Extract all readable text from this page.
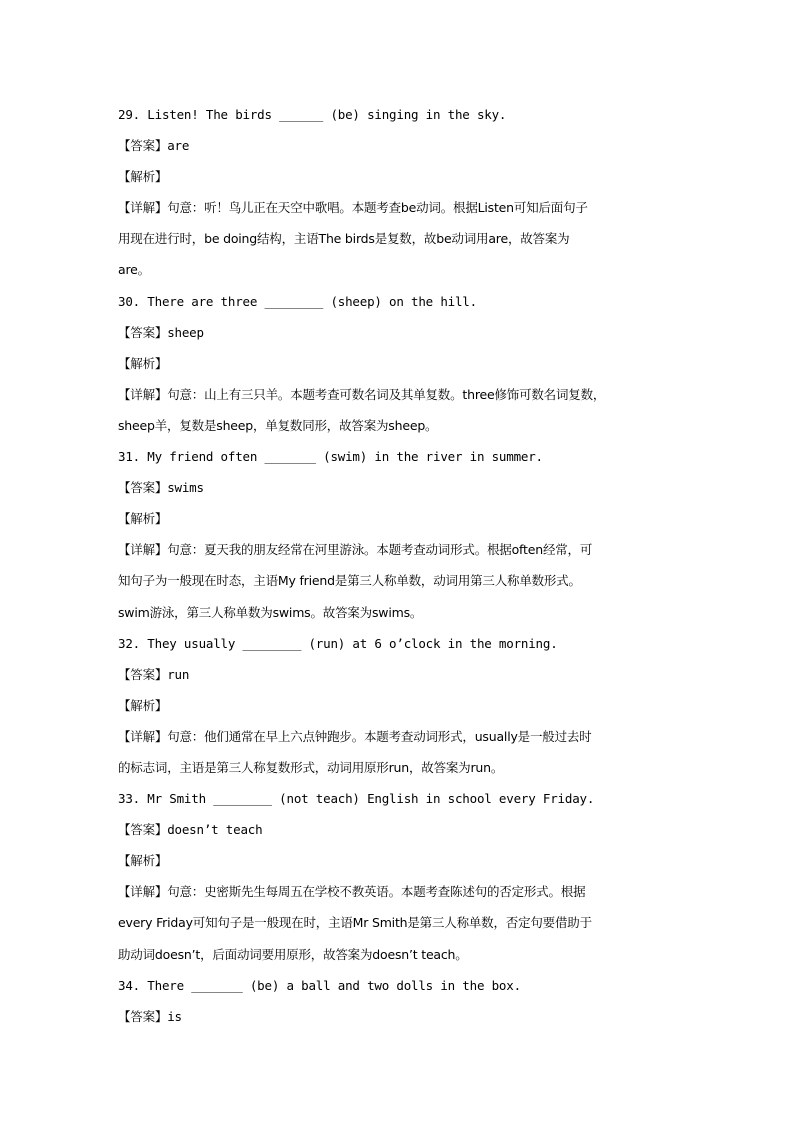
29. Listen! The birds ______ (be) singing in the sky.
【答案】are
【解析】
【详解】句意：听！鸟儿正在天空中歌唱。本题考查be动词。根据Listen可知后面句子
用现在进行时，be doing结构，主语The birds是复数，故be动词用are，故答案为
are。
30. There are three ________ (sheep) on the hill.
【答案】sheep
【解析】
【详解】句意：山上有三只羊。本题考查可数名词及其单复数。three修饰可数名词复数，
sheep羊，复数是sheep，单复数同形，故答案为sheep。
31. My friend often _______ (swim) in the river in summer.
【答案】swims
【解析】
【详解】句意：夏天我的朋友经常在河里游泳。本题考查动词形式。根据often经常，可
知句子为一般现在时态，主语My friend是第三人称单数，动词用第三人称单数形式。
swim游泳，第三人称单数为swims。故答案为swims。
32. They usually ________ (run) at 6 o’clock in the morning.
【答案】run
【解析】
【详解】句意：他们通常在早上六点钟跑步。本题考查动词形式，usually是一般过去时
的标志词，主语是第三人称复数形式，动词用原形run，故答案为run。
33. Mr Smith ________ (not teach) English in school every Friday.
【答案】doesn’t teach
【解析】
【详解】句意：史密斯先生每周五在学校不教英语。本题考查陈述句的否定形式。根据
every Friday可知句子是一般现在时，主语Mr Smith是第三人称单数，否定句要借助于
助动词doesn’t，后面动词要用原形，故答案为doesn’t teach。
34. There _______ (be) a ball and two dolls in the box.
【答案】is
